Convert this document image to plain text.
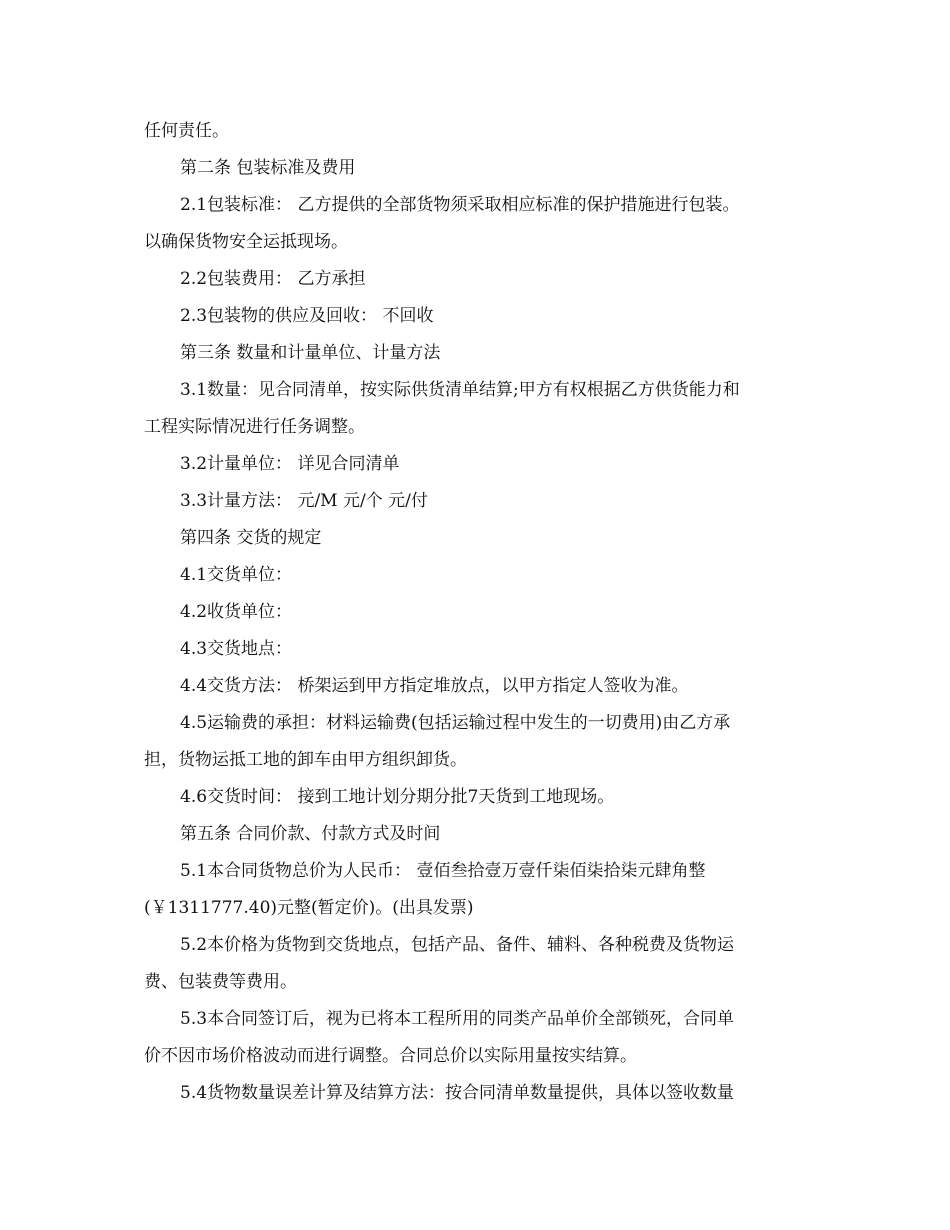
任何责任。
第二条 包装标准及费用
2.1包装标准： 乙方提供的全部货物须采取相应标准的保护措施进行包装。
以确保货物安全运抵现场。
2.2包装费用： 乙方承担
2.3包装物的供应及回收： 不回收
第三条 数量和计量单位、计量方法
3.1数量：见合同清单，按实际供货清单结算;甲方有权根据乙方供货能力和
工程实际情况进行任务调整。
3.2计量单位： 详见合同清单
3.3计量方法： 元/M 元/个 元/付
第四条 交货的规定
4.1交货单位：
4.2收货单位：
4.3交货地点：
4.4交货方法： 桥架运到甲方指定堆放点，以甲方指定人签收为准。
4.5运输费的承担：材料运输费(包括运输过程中发生的一切费用)由乙方承
担，货物运抵工地的卸车由甲方组织卸货。
4.6交货时间： 接到工地计划分期分批7天货到工地现场。
第五条 合同价款、付款方式及时间
5.1本合同货物总价为人民币： 壹佰叁拾壹万壹仟柒佰柒拾柒元肆角整
(￥1311777.40)元整(暂定价)。(出具发票)
5.2本价格为货物到交货地点，包括产品、备件、辅料、各种税费及货物运
费、包装费等费用。
5.3本合同签订后，视为已将本工程所用的同类产品单价全部锁死，合同单
价不因市场价格波动而进行调整。合同总价以实际用量按实结算。
5.4货物数量误差计算及结算方法：按合同清单数量提供，具体以签收数量
